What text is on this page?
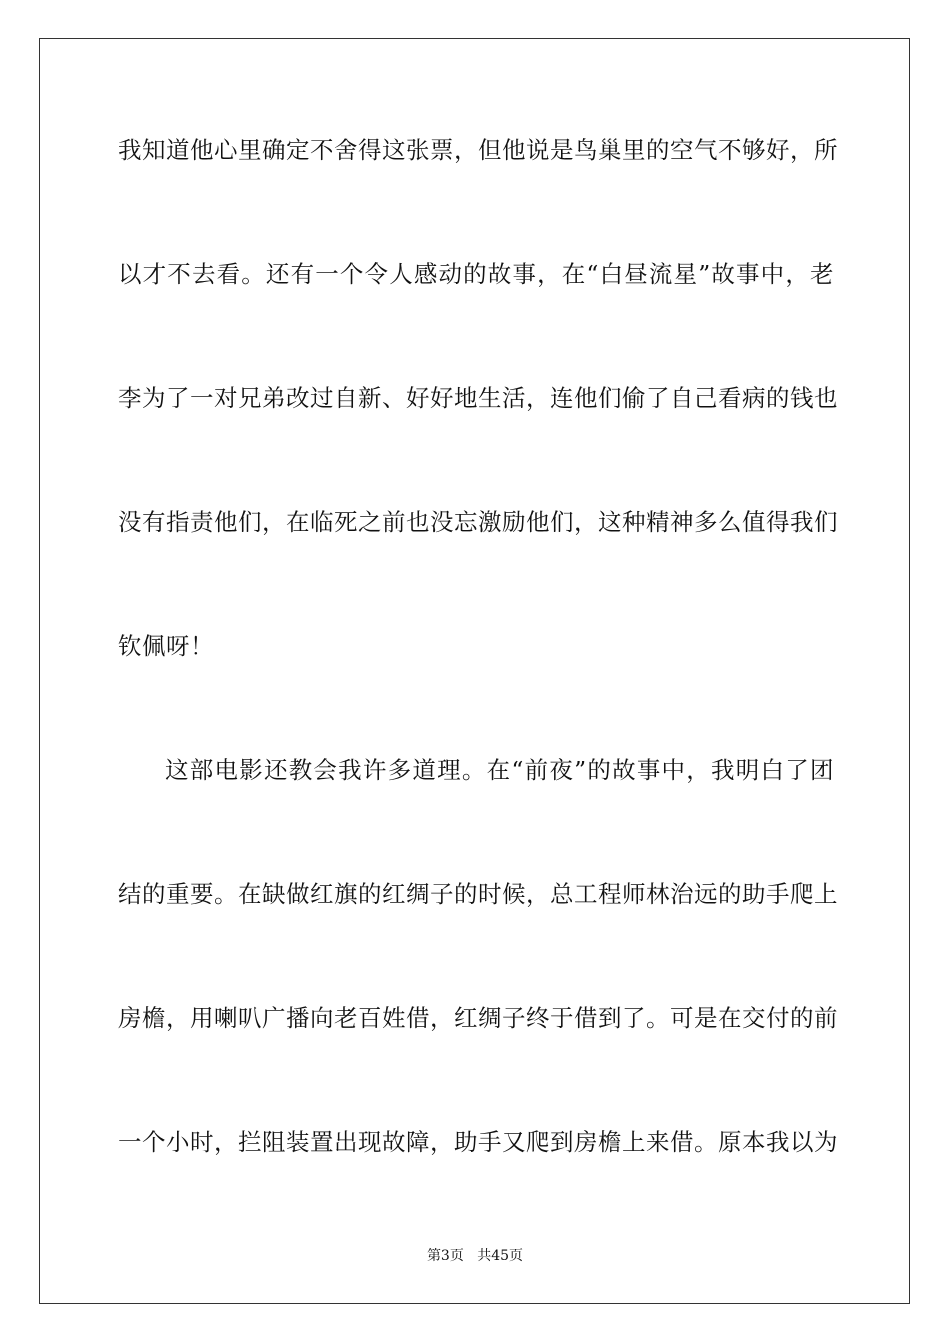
我知道他心里确定不舍得这张票，但他说是鸟巢里的空气不够好，所
以才不去看。还有一个令人感动的故事，在“白昼流星”故事中，老
李为了一对兄弟改过自新、好好地生活，连他们偷了自己看病的钱也
没有指责他们，在临死之前也没忘激励他们，这种精神多么值得我们
钦佩呀！
这部电影还教会我许多道理。在“前夜”的故事中，我明白了团
结的重要。在缺做红旗的红绸子的时候，总工程师林治远的助手爬上
房檐，用喇叭广播向老百姓借，红绸子终于借到了。可是在交付的前
一个小时，拦阻装置出现故障，助手又爬到房檐上来借。原本我以为
第3页 共45页
